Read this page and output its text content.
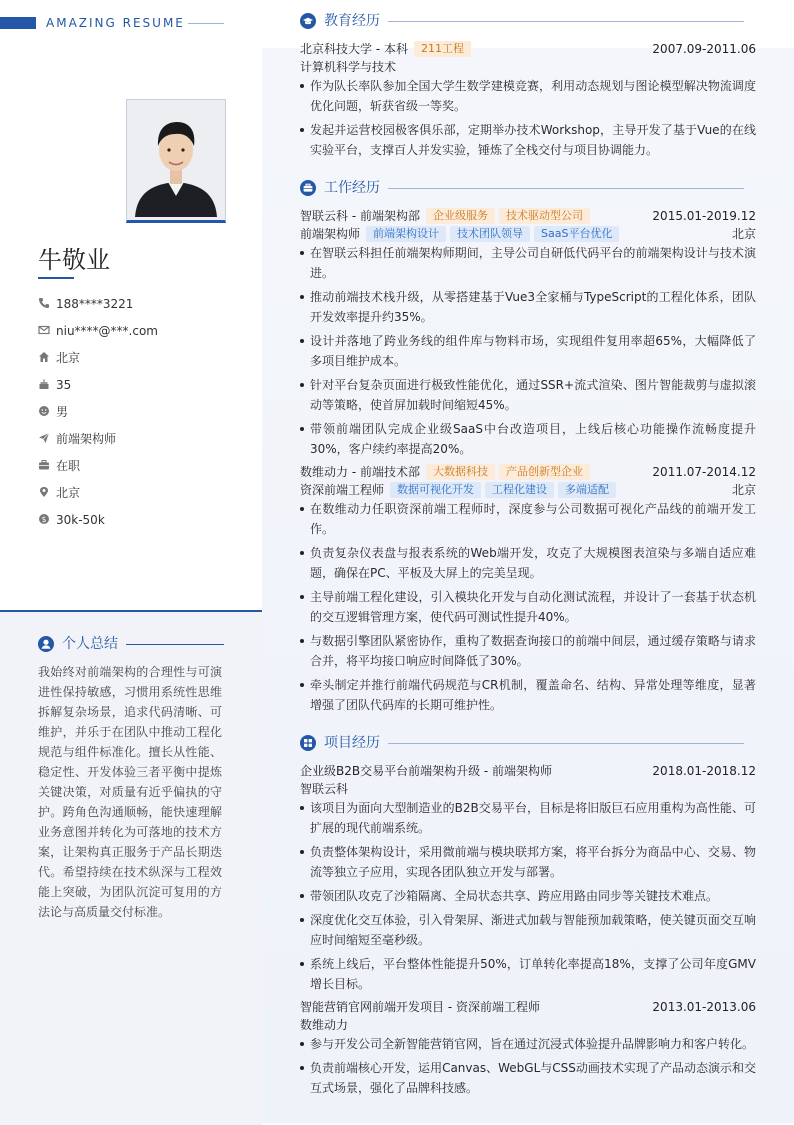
AMAZING RESUME
牛敬业
188****3221
niu****@***.com
北京
35
男
前端架构师
在职
北京
$ 30k-50k
个人总结
我始终对前端架构的合理性与可演进性保持敏感，习惯用系统性思维拆解复杂场景，追求代码清晰、可维护，并乐于在团队中推动工程化规范与组件标准化。擅长从性能、稳定性、开发体验三者平衡中提炼关键决策，对质量有近乎偏执的守护。跨角色沟通顺畅，能快速理解业务意图并转化为可落地的技术方案，让架构真正服务于产品长期迭代。希望持续在技术纵深与工程效能上突破，为团队沉淀可复用的方法论与高质量交付标准。
教育经历
北京科技大学 - 本科 211工程	2007.09-2011.06
计算机科学与技术
作为队长率队参加全国大学生数学建模竞赛，利用动态规划与图论模型解决物流调度优化问题，斩获省级一等奖。
发起并运营校园极客俱乐部，定期举办技术Workshop，主导开发了基于Vue的在线实验平台，支撑百人并发实验，锤炼了全栈交付与项目协调能力。
工作经历
智联云科 - 前端架构部 企业级服务 技术驱动型公司	2015.01-2019.12
前端架构师 前端架构设计 技术团队领导 SaaS平台优化	北京
在智联云科担任前端架构师期间，主导公司自研低代码平台的前端架构设计与技术演进。
推动前端技术栈升级，从零搭建基于Vue3全家桶与TypeScript的工程化体系，团队开发效率提升约35%。
设计并落地了跨业务线的组件库与物料市场，实现组件复用率超65%，大幅降低了多项目维护成本。
针对平台复杂页面进行极致性能优化，通过SSR+流式渲染、图片智能裁剪与虚拟滚动等策略，使首屏加载时间缩短45%。
带领前端团队完成企业级SaaS中台改造项目，上线后核心功能操作流畅度提升30%，客户续约率提高20%。
数维动力 - 前端技术部 大数据科技 产品创新型企业	2011.07-2014.12
资深前端工程师 数据可视化开发 工程化建设 多端适配	北京
在数维动力任职资深前端工程师时，深度参与公司数据可视化产品线的前端开发工作。
负责复杂仪表盘与报表系统的Web端开发，攻克了大规模图表渲染与多端自适应难题，确保在PC、平板及大屏上的完美呈现。
主导前端工程化建设，引入模块化开发与自动化测试流程，并设计了一套基于状态机的交互逻辑管理方案，使代码可测试性提升40%。
与数据引擎团队紧密协作，重构了数据查询接口的前端中间层，通过缓存策略与请求合并，将平均接口响应时间降低了30%。
牵头制定并推行前端代码规范与CR机制，覆盖命名、结构、异常处理等维度，显著增强了团队代码库的长期可维护性。
项目经历
企业级B2B交易平台前端架构升级 - 前端架构师	2018.01-2018.12
智联云科
该项目为面向大型制造业的B2B交易平台，目标是将旧版巨石应用重构为高性能、可扩展的现代前端系统。
负责整体架构设计，采用微前端与模块联邦方案，将平台拆分为商品中心、交易、物流等独立子应用，实现各团队独立开发与部署。
带领团队攻克了沙箱隔离、全局状态共享、跨应用路由同步等关键技术难点。
深度优化交互体验，引入骨架屏、渐进式加载与智能预加载策略，使关键页面交互响应时间缩短至毫秒级。
系统上线后，平台整体性能提升50%，订单转化率提高18%，支撑了公司年度GMV增长目标。
智能营销官网前端开发项目 - 资深前端工程师	2013.01-2013.06
数维动力
参与开发公司全新智能营销官网，旨在通过沉浸式体验提升品牌影响力和客户转化。
负责前端核心开发，运用Canvas、WebGL与CSS动画技术实现了产品动态演示和交互式场景，强化了品牌科技感。
